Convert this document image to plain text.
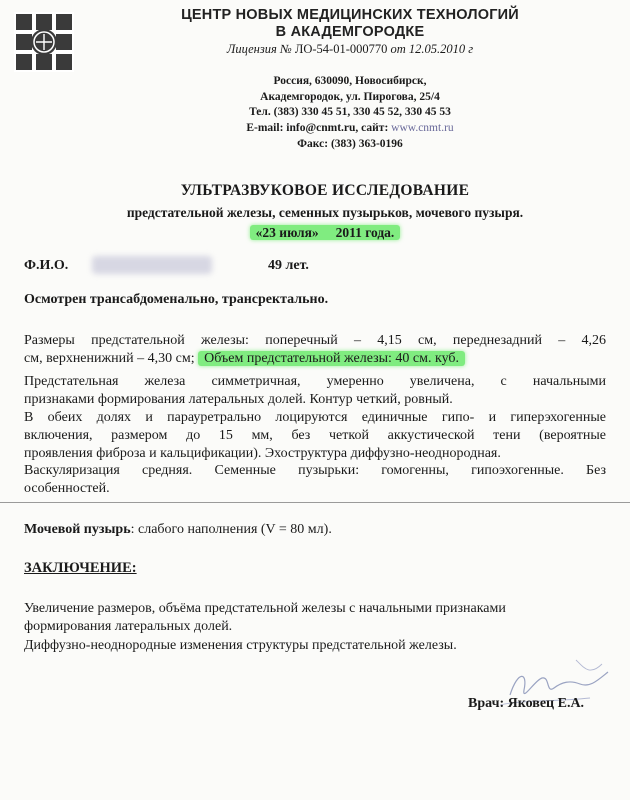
ЦЕНТР НОВЫХ МЕДИЦИНСКИХ ТЕХНОЛОГИЙ
В АКАДЕМГОРОДКЕ
Лицензия № ЛО-54-01-000770 от 12.05.2010 г
Россия, 630090, Новосибирск,
Академгородок, ул. Пирогова, 25/4
Тел. (383) 330 45 51, 330 45 52, 330 45 53
E-mail: info@cnmt.ru, сайт: www.cnmt.ru
Факс: (383) 363-0196
УЛЬТРАЗВУКОВОЕ ИССЛЕДОВАНИЕ
предстательной железы, семенных пузырьков, мочевого пузыря.
«23 июля» 2011 года.
Ф.И.О.	49 лет.
Осмотрен трансабдоменально, трансректально.
Размеры предстательной железы: поперечный – 4,15 см, переднезадний – 4,26
см, верхненижний – 4,30 см; Объем предстательной железы: 40 см. куб.
Предстательная железа симметричная, умеренно увеличена, с начальными
признаками формирования латеральных долей. Контур четкий, ровный.
В обеих долях и парауретрально лоцируются единичные гипо- и гиперэхогенные
включения, размером до 15 мм, без четкой аккустической тени (вероятные
проявления фиброза и кальцификации). Эхоструктура диффузно-неоднородная.
Васкуляризация средняя. Семенные пузырьки: гомогенны, гипоэхогенные. Без
особенностей.
Мочевой пузырь: слабого наполнения (V = 80 мл).
ЗАКЛЮЧЕНИЕ:
Увеличение размеров, объёма предстательной железы с начальными признаками
формирования латеральных долей.
Диффузно-неоднородные изменения структуры предстательной железы.
Врач: Яковец Е.А.
